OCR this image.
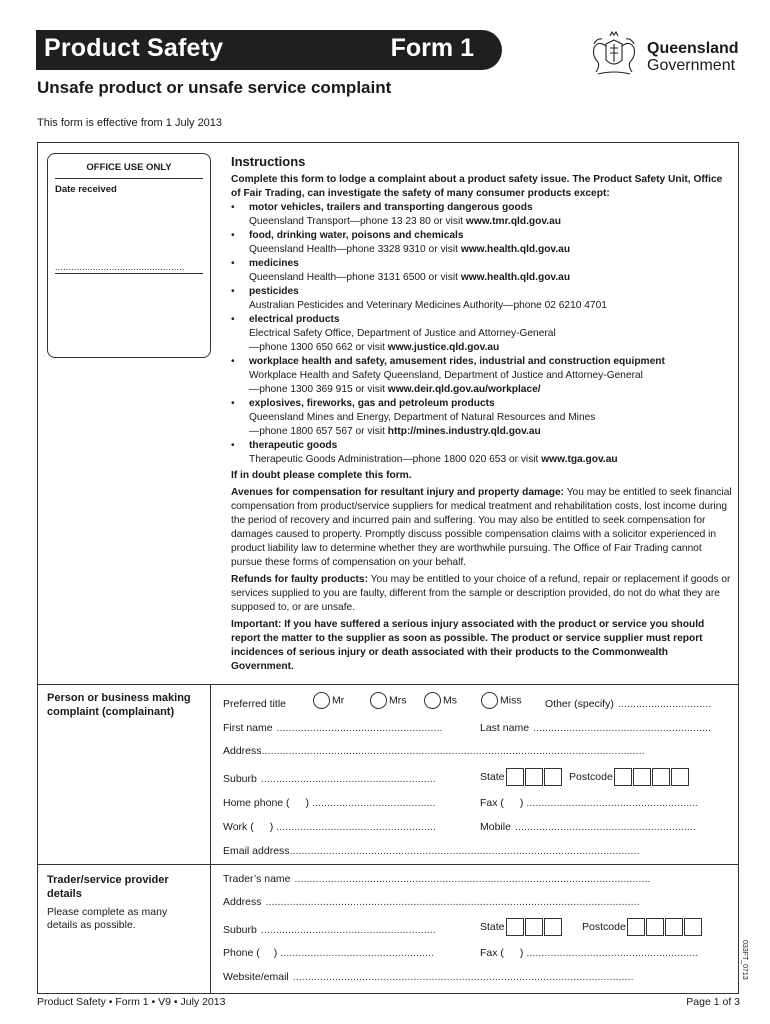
Product Safety	Form 1
Unsafe product or unsafe service complaint
This form is effective from 1 July 2013
Queensland
Government
OFFICE USE ONLY
Date received
................................................
Instructions

Complete this form to lodge a complaint about a product safety issue. The Product Safety Unit, Office of Fair Trading, can investigate the safety of many consumer products except:

• motor vehicles, trailers and transporting dangerous goods
Queensland Transport—phone 13 23 80 or visit www.tmr.qld.gov.au
• food, drinking water, poisons and chemicals
Queensland Health—phone 3328 9310 or visit www.health.qld.gov.au
• medicines
Queensland Health—phone 3131 6500 or visit www.health.qld.gov.au
• pesticides
Australian Pesticides and Veterinary Medicines Authority—phone 02 6210 4701
• electrical products
Electrical Safety Office, Department of Justice and Attorney-General
—phone 1300 650 662 or visit www.justice.qld.gov.au
• workplace health and safety, amusement rides, industrial and construction equipment
Workplace Health and Safety Queensland, Department of Justice and Attorney-General
—phone 1300 369 915 or visit www.deir.qld.gov.au/workplace/
• explosives, fireworks, gas and petroleum products
Queensland Mines and Energy, Department of Natural Resources and Mines
—phone 1800 657 567 or visit http://mines.industry.qld.gov.au
• therapeutic goods
Therapeutic Goods Administration—phone 1800 020 653 or visit www.tga.gov.au

If in doubt please complete this form.

Avenues for compensation for resultant injury and property damage: You may be entitled to seek financial compensation from product/service suppliers for medical treatment and rehabilitation costs, lost income during the period of recovery and incurred pain and suffering. You may also be entitled to seek compensation for damages caused to property. Promptly discuss possible compensation claims with a solicitor experienced in product liability law to determine whether they are worthwhile pursuing. The Office of Fair Trading cannot pursue these forms of compensation on your behalf.

Refunds for faulty products: You may be entitled to your choice of a refund, repair or replacement if goods or services supplied to you are faulty, different from the sample or description provided, do not do what they are supposed to, or are unsafe.

Important: If you have suffered a serious injury associated with the product or service you should report the matter to the supplier as soon as possible. The product or service supplier must report incidences of serious injury or death associated with their products to the Commonwealth Government.

Person or business making complaint (complainant)
Preferred title	Mr	Mrs	Ms	Miss Other (specify) ...............................
First name .......................................................	Last name ...........................................................
Address...............................................................................................................................
Suburb ..........................................................	State	Postcode
Home phone ( ) .........................................	Fax ( ) .........................................................
Work ( ) .....................................................	Mobile ............................................................
Email address....................................................................................................................
Trader/service provider details
Please complete as many details as possible.
Trader’s name ......................................................................................................................
Address ............................................................................................................................
Suburb ..........................................................	State	Postcode
Phone ( ) ...................................................	Fax ( ) .........................................................
Website/email .................................................................................................................
Product Safety • Form 1 • V9 • July 2013	Page 1 of 3
033FT_0713
